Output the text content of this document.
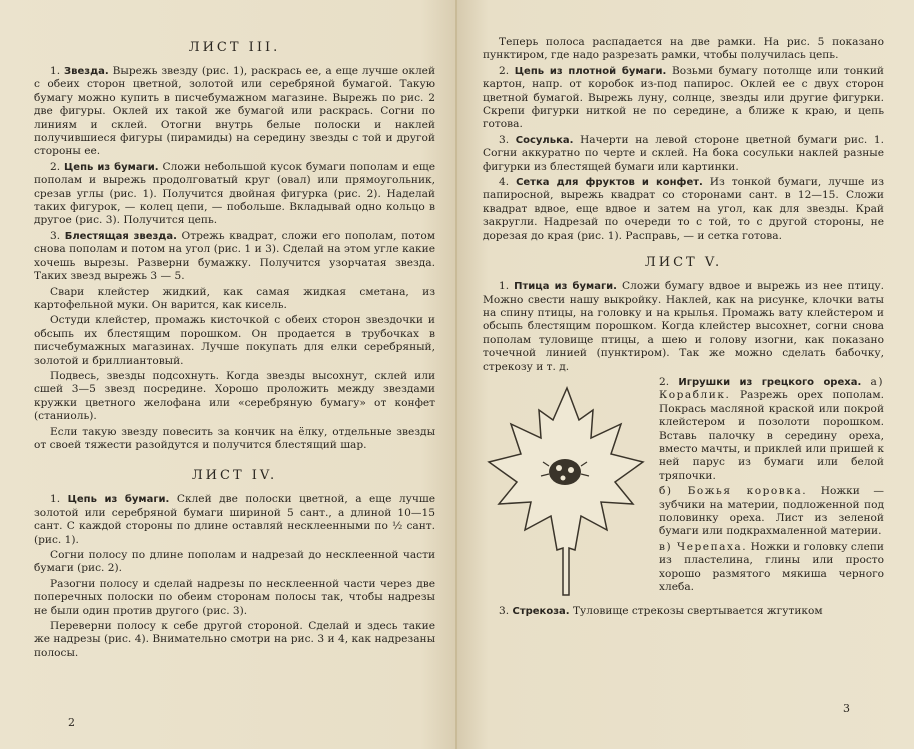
ЛИСТ III.

1. Звезда. Вырежь звезду (рис. 1), раскрась ее, а еще лучше оклей с обеих сторон цветной, золотой или серебряной бумагой. Такую бумагу можно купить в писчебумажном магазине. Вырежь по рис. 2 две фигуры. Оклей их такой же бумагой или раскрась. Согни по линиям и склей. Отогни внутрь белые полоски и наклей получившиеся фигуры (пирамиды) на середину звезды с той и другой стороны ее.

2. Цепь из бумаги. Сложи небольшой кусок бумаги пополам и еще пополам и вырежь продолговатый круг (овал) или прямоугольник, срезав углы (рис. 1). Получится двойная фигурка (рис. 2). Наделай таких фигурок, — колец цепи, — побольше. Вкладывай одно кольцо в другое (рис. 3). Получится цепь.

3. Блестящая звезда. Отрежь квадрат, сложи его пополам, потом снова пополам и потом на угол (рис. 1 и 3). Сделай на этом угле какие хочешь вырезы. Разверни бумажку. Получится узорчатая звезда. Таких звезд вырежь 3 — 5.

Свари клейстер жидкий, как самая жидкая сметана, из картофельной муки. Он варится, как кисель.

Остуди клейстер, промажь кисточкой с обеих сторон звездочки и обсыпь их блестящим порошком. Он продается в трубочках в писчебумажных магазинах. Лучше покупать для елки серебряный, золотой и бриллиантовый.

Подвесь, звезды подсохнуть. Когда звезды высохнут, склей или сшей 3—5 звезд посредине. Хорошо проложить между звездами кружки цветного желофана или «серебряную бумагу» от конфет (станиоль).

Если такую звезду повесить за кончик на ёлку, отдельные звезды от своей тяжести разойдутся и получится блестящий шар.

ЛИСТ IV.

1. Цепь из бумаги. Склей две полоски цветной, а еще лучше золотой или серебряной бумаги шириной 5 сант., а длиной 10—15 сант. С каждой стороны по длине оставляй несклеенными по ½ сант. (рис. 1).

Согни полосу по длине пополам и надрезай до несклеенной части бумаги (рис. 2).

Разогни полосу и сделай надрезы по несклеенной части через две поперечных полоски по обеим сторонам полосы так, чтобы надрезы не были один против другого (рис. 3).

Переверни полосу к себе другой стороной. Сделай и здесь такие же надрезы (рис. 4). Внимательно смотри на рис. 3 и 4, как надрезаны полосы.

2

Теперь полоса распадается на две рамки. На рис. 5 показано пунктиром, где надо разрезать рамки, чтобы получилась цепь.

2. Цепь из плотной бумаги. Возьми бумагу потолще или тонкий картон, напр. от коробок из-под папирос. Оклей ее с двух сторон цветной бумагой. Вырежь луну, солнце, звезды или другие фигурки. Скрепи фигурки ниткой не по середине, а ближе к краю, и цепь готова.

3. Сосулька. Начерти на левой стороне цветной бумаги рис. 1. Согни аккуратно по черте и склей. На бока сосульки наклей разные фигурки из блестящей бумаги или картинки.

4. Сетка для фруктов и конфет. Из тонкой бумаги, лучше из папиросной, вырежь квадрат со сторонами сант. в 12—15. Сложи квадрат вдвое, еще вдвое и затем на угол, как для звезды. Край закругли. Надрезай по очереди то с той, то с другой стороны, не дорезая до края (рис. 1). Расправь, — и сетка готова.

ЛИСТ V.

1. Птица из бумаги. Сложи бумагу вдвое и вырежь из нее птицу. Можно свести нашу выкройку. Наклей, как на рисунке, клочки ваты на спину птицы, на головку и на крылья. Промажь вату клейстером и обсыпь блестящим порошком. Когда клейстер высохнет, согни снова пополам туловище птицы, а шею и голову изогни, как показано точечной линией (пунктиром). Так же можно сделать бабочку, стрекозу и т. д.

2. Игрушки из грецкого ореха. а) Кораблик. Разрежь орех пополам. Покрась масляной краской или покрой клейстером и позолоти порошком. Вставь палочку в середину ореха, вместо мачты, и приклей или пришей к ней парус из бумаги или белой тряпочки.

б) Божья коровка. Ножки — зубчики на материи, подложенной под половинку ореха. Лист из зеленой бумаги или подкрахмаленной материи.

в) Черепаха. Ножки и головку слепи из пластелина, глины или просто хорошо размятого мякиша черного хлеба.

3. Стрекоза. Туловище стрекозы свертывается жгутиком

3
